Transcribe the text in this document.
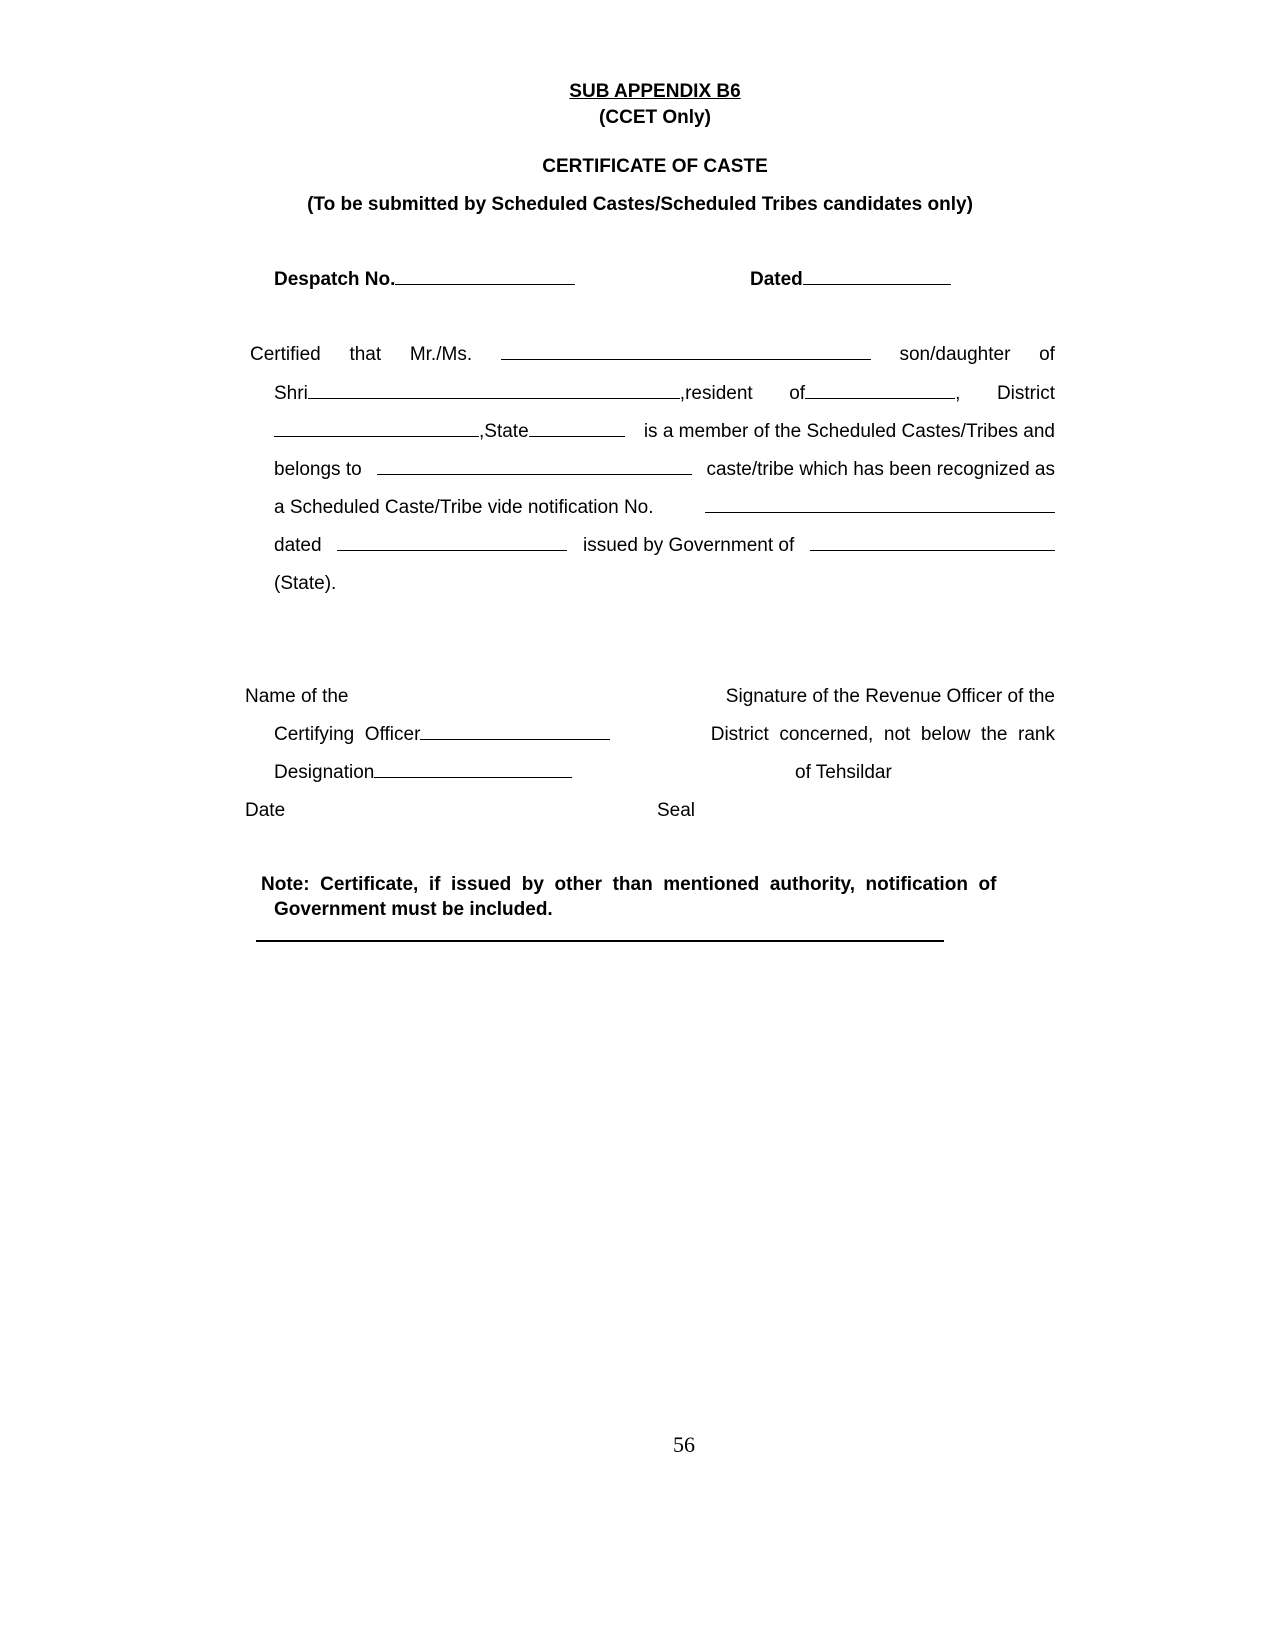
SUB APPENDIX B6
(CCET Only)
CERTIFICATE OF CASTE
(To be submitted by Scheduled Castes/Scheduled Tribes candidates only)
Despatch No.	Dated
Certified that Mr./Ms.	son/daughter of
Shri	,resident of	, District
,State	is a member of the Scheduled Castes/Tribes and
belongs to	caste/tribe which has been recognized as
a Scheduled Caste/Tribe vide notification No.
dated	issued by Government of
(State).
Name of the
Certifying  Officer
Designation
Date
Signature of the Revenue Officer of the
District  concerned,  not  below  the  rank
of Tehsildar
Seal
Note:  Certificate,  if  issued  by  other  than  mentioned  authority,  notification  of
Government must be included.
56
